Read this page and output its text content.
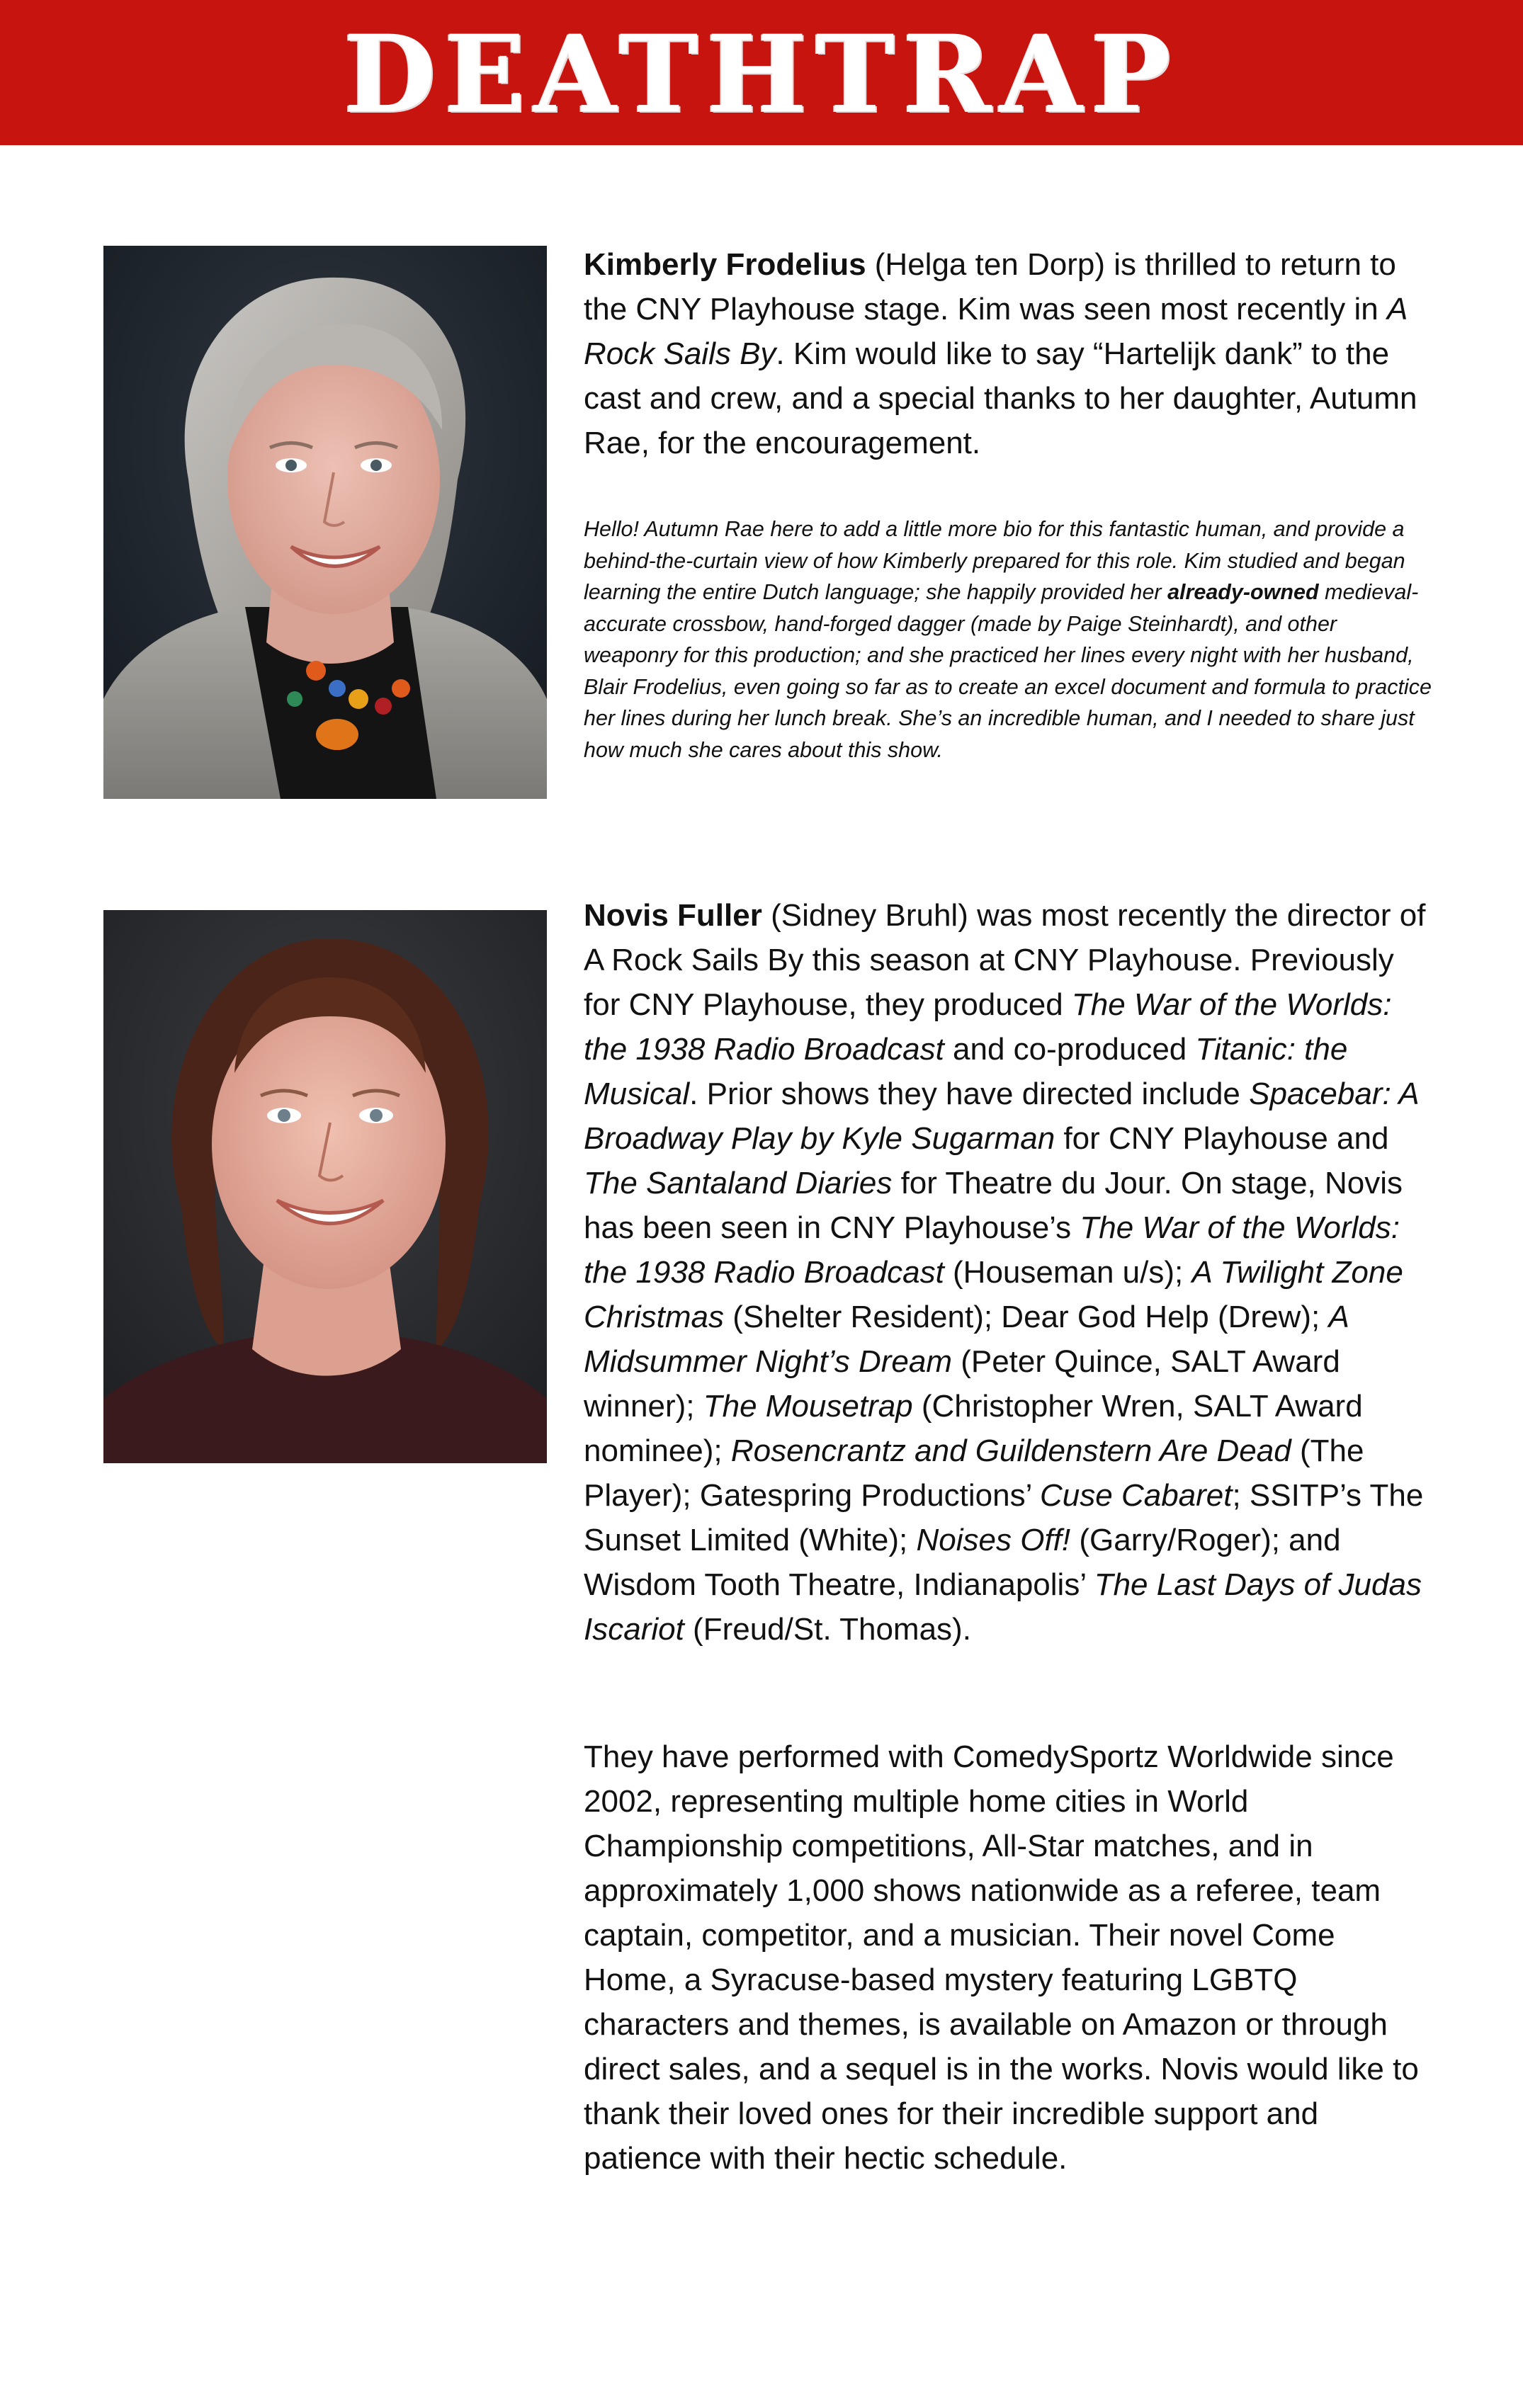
DEATHTRAP

Kimberly Frodelius (Helga ten Dorp) is thrilled to return to the CNY Playhouse stage. Kim was seen most recently in A Rock Sails By. Kim would like to say “Hartelijk dank” to the cast and crew, and a special thanks to her daughter, Autumn Rae, for the encouragement.

Hello! Autumn Rae here to add a little more bio for this fantastic human, and provide a behind-the-curtain view of how Kimberly prepared for this role. Kim studied and began learning the entire Dutch language; she happily provided her already-owned medieval-accurate crossbow, hand-forged dagger (made by Paige Steinhardt), and other weaponry for this production; and she practiced her lines every night with her husband, Blair Frodelius, even going so far as to create an excel document and formula to practice her lines during her lunch break. She’s an incredible human, and I needed to share just how much she cares about this show.

Novis Fuller (Sidney Bruhl) was most recently the director of A Rock Sails By this season at CNY Playhouse. Previously for CNY Playhouse, they produced The War of the Worlds: the 1938 Radio Broadcast and co-produced Titanic: the Musical. Prior shows they have directed include Spacebar: A Broadway Play by Kyle Sugarman for CNY Playhouse and The Santaland Diaries for Theatre du Jour. On stage, Novis has been seen in CNY Playhouse’s The War of the Worlds: the 1938 Radio Broadcast (Houseman u/s); A Twilight Zone Christmas (Shelter Resident); Dear God Help (Drew); A Midsummer Night’s Dream (Peter Quince, SALT Award winner); The Mousetrap (Christopher Wren, SALT Award nominee); Rosencrantz and Guildenstern Are Dead (The Player); Gatespring Productions’ Cuse Cabaret; SSITP’s The Sunset Limited (White); Noises Off! (Garry/Roger); and Wisdom Tooth Theatre, Indianapolis’ The Last Days of Judas Iscariot (Freud/St. Thomas).

They have performed with ComedySportz Worldwide since 2002, representing multiple home cities in World Championship competitions, All-Star matches, and in approximately 1,000 shows nationwide as a referee, team captain, competitor, and a musician. Their novel Come Home, a Syracuse-based mystery featuring LGBTQ characters and themes, is available on Amazon or through direct sales, and a sequel is in the works. Novis would like to thank their loved ones for their incredible support and patience with their hectic schedule.
